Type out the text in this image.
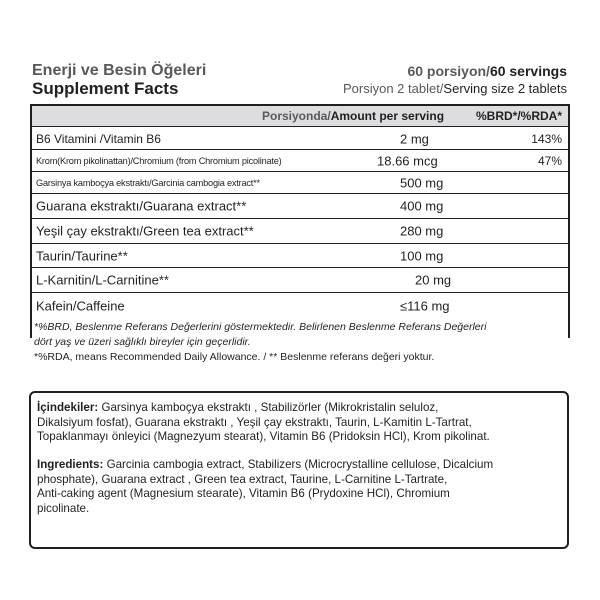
Enerji ve Besin Öğeleri
Supplement Facts
60 porsiyon/60 servings
Porsiyon 2 tablet/Serving size 2 tablets
Porsiyonda/Amount per serving	%BRD*/%RDA*
B6 Vitamini /Vitamin B6	2 mg	143%
Krom(Krom pikolinattan)/Chromium (from Chromium picolinate)	18.66 mcg	47%
Garsinya kamboçya ekstraktı/Garcinia cambogia extract**	500 mg
Guarana ekstraktı/Guarana extract**	400 mg
Yeşil çay ekstraktı/Green tea extract**	280 mg
Taurin/Taurine**	100 mg
L-Karnitin/L-Carnitine**	20 mg
Kafein/Caffeine	≤116 mg
*%BRD, Beslenme Referans Değerlerini göstermektedir. Belirlenen Beslenme Referans Değerleri
dört yaş ve üzeri sağlıklı bireyler için geçerlidir.
*%RDA, means Recommended Daily Allowance. / ** Beslenme referans değeri yoktur.

İçindekiler: Garsinya kamboçya ekstraktı , Stabilizörler (Mikrokristalin seluloz,
Dikalsiyum fosfat), Guarana ekstraktı , Yeşil çay ekstraktı, Taurin, L-Kamitin L-Tartrat,
Topaklanmayı önleyici (Magnezyum stearat), Vitamin B6 (Pridoksin HCl), Krom pikolinat.

Ingredients: Garcinia cambogia extract, Stabilizers (Microcrystalline cellulose, Dicalcium
phosphate), Guarana extract , Green tea extract, Taurine, L-Carnitine L-Tartrate,
Anti-caking agent (Magnesium stearate), Vitamin B6 (Prydoxine HCl), Chromium
picolinate.
